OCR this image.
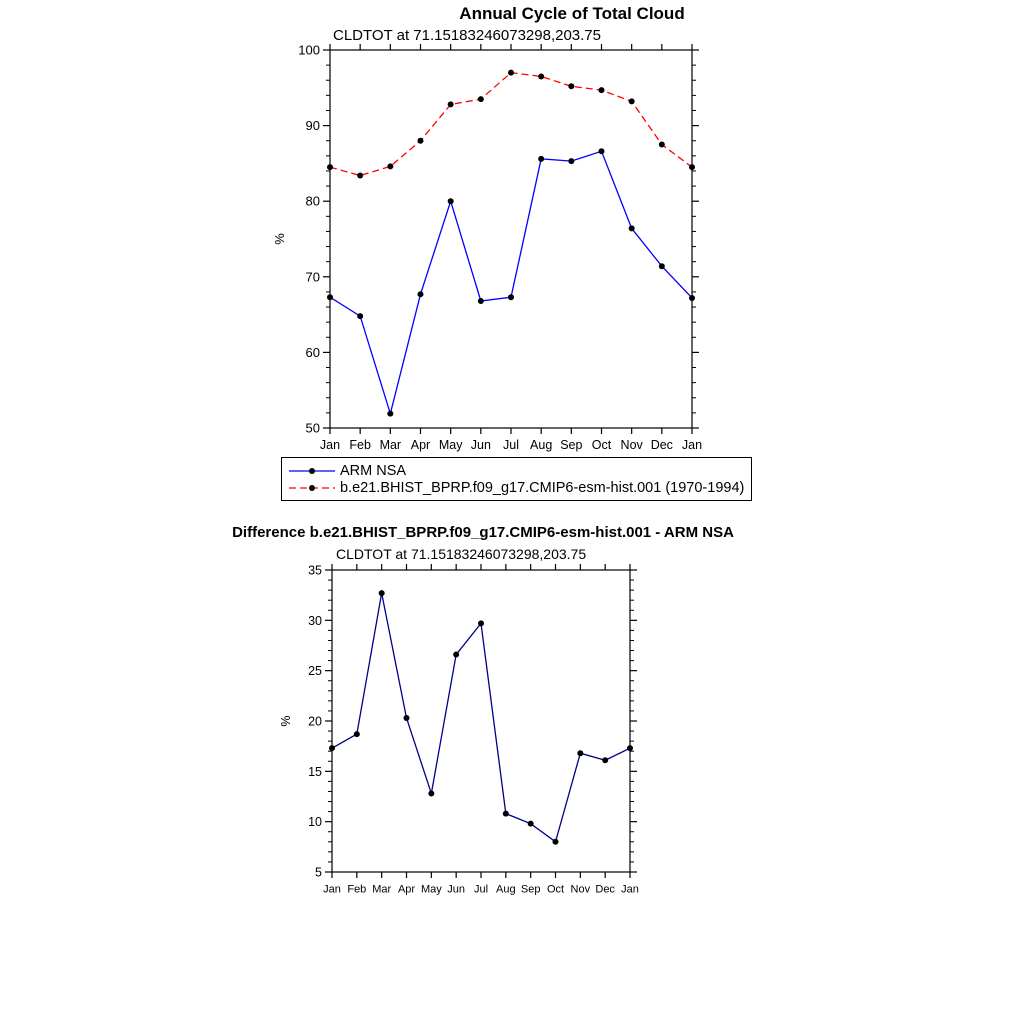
Annual Cycle of Total Cloud
CLDTOT at 71.15183246073298,203.75
50
60
70
80
90
100
Jan Feb Mar Apr May Jun Jul Aug Sep Oct Nov Dec Jan
%
ARM NSA
b.e21.BHIST_BPRP.f09_g17.CMIP6-esm-hist.001 (1970-1994)
Difference b.e21.BHIST_BPRP.f09_g17.CMIP6-esm-hist.001 - ARM NSA
CLDTOT at 71.15183246073298,203.75
5
10
15
20
25
30
35
Jan Feb Mar Apr May Jun Jul Aug Sep Oct Nov Dec Jan
%
